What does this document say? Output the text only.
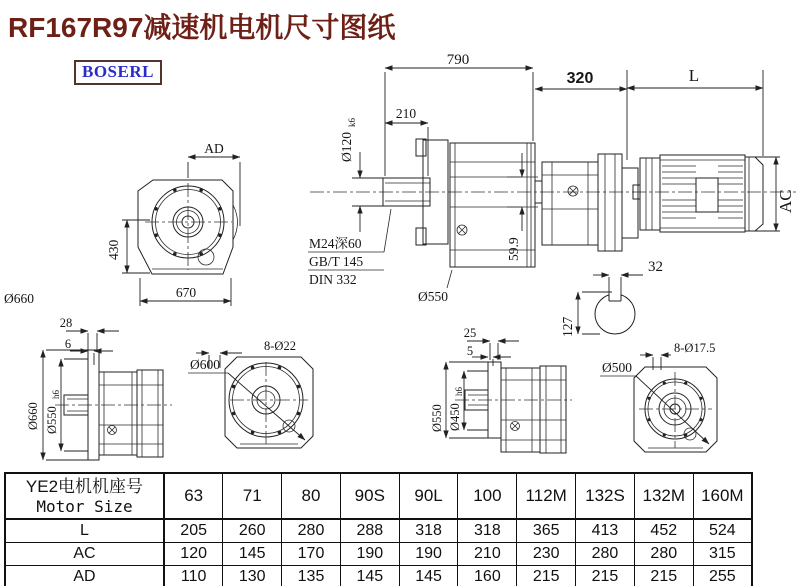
RF167R97减速机电机尺寸图纸
BOSERL
AD
430
670
Ø660
790
210
320	L
Ø120
k6
59.9
M24深60
GB/T 145
DIN 332
Ø550
AC
32
127
28
6
Ø660 Ø550
h6
Ø600
8-Ø22
25
5
Ø550 Ø450
h6
Ø500
8-Ø17.5
YE2电机机座号
Motor Size	63	71	80	90S	90L	100	112M	132S	132M	160M
L	205	260	280	288	318	318	365	413	452	524
AC	120	145	170	190	190	210	230	280	280	315
AD	110	130	135	145	145	160	215	215	215	255
